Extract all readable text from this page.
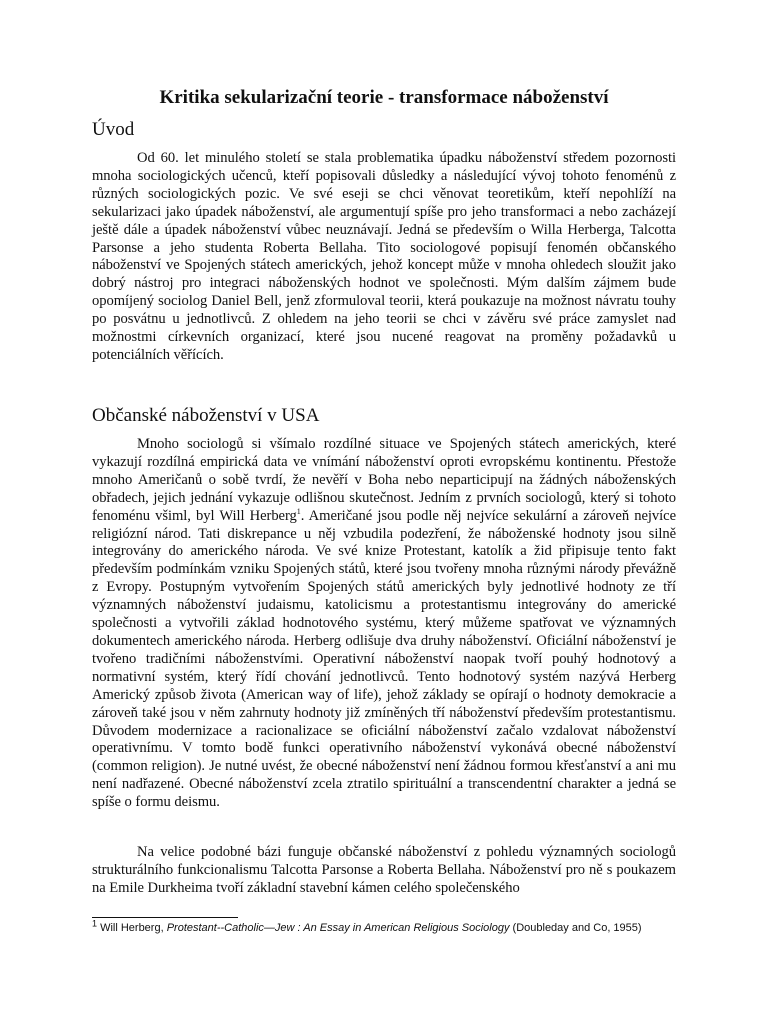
Kritika sekularizační teorie - transformace náboženství
Úvod

Od 60. let minulého století se stala problematika úpadku náboženství středem pozornosti mnoha sociologických učenců, kteří popisovali důsledky a následující vývoj tohoto fenoménů z různých sociologických pozic. Ve své eseji se chci věnovat teoretikům, kteří nepohlíží na sekularizaci jako úpadek náboženství, ale argumentují spíše pro jeho transformaci a nebo zacházejí ještě dále a úpadek náboženství vůbec neuznávají. Jedná se především o Willa Herberga, Talcotta Parsonse a jeho studenta Roberta Bellaha. Tito sociologové popisují fenomén občanského náboženství ve Spojených státech amerických, jehož koncept může v mnoha ohledech sloužit jako dobrý nástroj pro integraci náboženských hodnot ve společnosti. Mým dalším zájmem bude opomíjený sociolog Daniel Bell, jenž zformuloval teorii, která poukazuje na možnost návratu touhy po posvátnu u jednotlivců. Z ohledem na jeho teorii se chci v závěru své práce zamyslet nad možnostmi církevních organizací, které jsou nucené reagovat na proměny požadavků u potenciálních věřících.

Občanské náboženství v USA

Mnoho sociologů si všímalo rozdílné situace ve Spojených státech amerických, které vykazují rozdílná empirická data ve vnímání náboženství oproti evropskému kontinentu. Přestože mnoho Američanů o sobě tvrdí, že nevěří v Boha nebo neparticipují na žádných náboženských obřadech, jejich jednání vykazuje odlišnou skutečnost. Jedním z prvních sociologů, který si tohoto fenoménu všiml, byl Will Herberg$^1$. Američané jsou podle něj nejvíce sekulární a zároveň nejvíce religiózní národ. Tati diskrepance u něj vzbudila podezření, že náboženské hodnoty jsou silně integrovány do amerického národa. Ve své knize Protestant, katolík a žid připisuje tento fakt především podmínkám vzniku Spojených států, které jsou tvořeny mnoha různými národy převážně z Evropy. Postupným vytvořením Spojených států amerických byly jednotlivé hodnoty ze tří významných náboženství judaismu, katolicismu a protestantismu integrovány do americké společnosti a vytvořili základ hodnotového systému, který můžeme spatřovat ve významných dokumentech amerického národa. Herberg odlišuje dva druhy náboženství. Oficiální náboženství je tvořeno tradičními náboženstvími. Operativní náboženství naopak tvoří pouhý hodnotový a normativní systém, který řídí chování jednotlivců. Tento hodnotový systém nazývá Herberg Americký způsob života (American way of life), jehož základy se opírají o hodnoty demokracie a zároveň také jsou v něm zahrnuty hodnoty již zmíněných tří náboženství především protestantismu. Důvodem modernizace a racionalizace se oficiální náboženství začalo vzdalovat náboženství operativnímu. V tomto bodě funkci operativního náboženství vykonává obecné náboženství (common religion). Je nutné uvést, že obecné náboženství není žádnou formou křesťanství a ani mu není nadřazené. Obecné náboženství zcela ztratilo spirituální a transcendentní charakter a jedná se spíše o formu deismu.

Na velice podobné bázi funguje občanské náboženství z pohledu významných sociologů strukturálního funkcionalismu Talcotta Parsonse a Roberta Bellaha. Náboženství pro ně s poukazem na Emile Durkheima tvoří základní stavební kámen celého společenského

$^1$ Will Herberg, Protestant--Catholic—Jew : An Essay in American Religious Sociology (Doubleday and Co, 1955)
